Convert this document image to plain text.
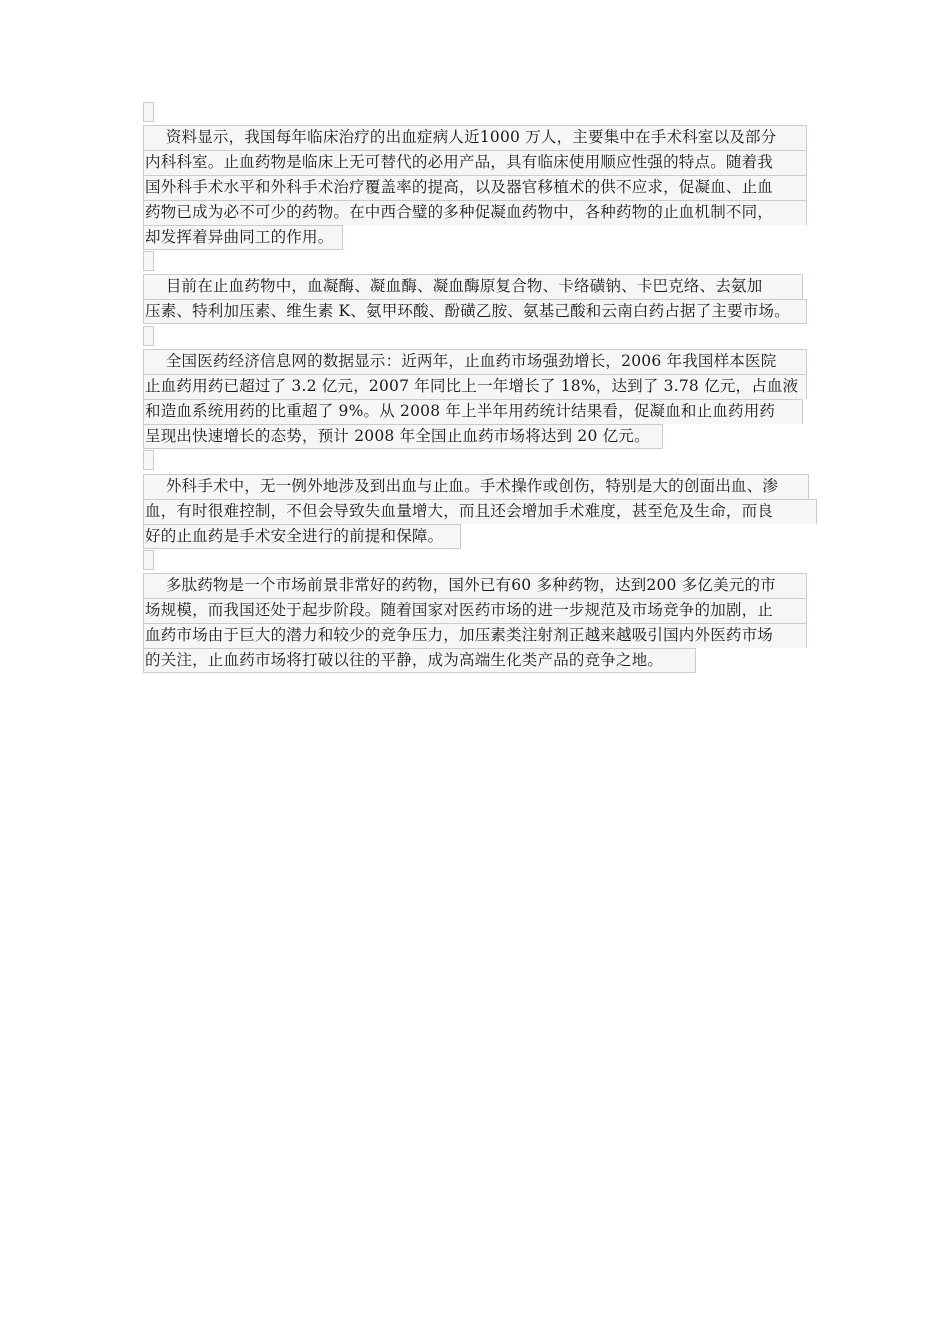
　 资料显示，我国每年临床治疗的出血症病人近1000 万人，主要集中在手术科室以及部分
内科科室。止血药物是临床上无可替代的必用产品，具有临床使用顺应性强的特点。随着我
国外科手术水平和外科手术治疗覆盖率的提高，以及器官移植术的供不应求，促凝血、止血
药物已成为必不可少的药物。在中西合璧的多种促凝血药物中，各种药物的止血机制不同，
却发挥着异曲同工的作用。
　 目前在止血药物中，血凝酶、凝血酶、凝血酶原复合物、卡络磺钠、卡巴克络、去氨加
压素、特利加压素、维生素 K、氨甲环酸、酚磺乙胺、氨基己酸和云南白药占据了主要市场。
　 全国医药经济信息网的数据显示：近两年，止血药市场强劲增长，2006 年我国样本医院
止血药用药已超过了 3.2 亿元，2007 年同比上一年增长了 18%，达到了 3.78 亿元，占血液
和造血系统用药的比重超了 9%。从 2008 年上半年用药统计结果看，促凝血和止血药用药
呈现出快速增长的态势，预计 2008 年全国止血药市场将达到 20 亿元。
　 外科手术中，无一例外地涉及到出血与止血。手术操作或创伤，特别是大的创面出血、渗
血，有时很难控制，不但会导致失血量增大，而且还会增加手术难度，甚至危及生命，而良
好的止血药是手术安全进行的前提和保障。
　 多肽药物是一个市场前景非常好的药物，国外已有60 多种药物，达到200 多亿美元的市
场规模，而我国还处于起步阶段。随着国家对医药市场的进一步规范及市场竞争的加剧，止
血药市场由于巨大的潜力和较少的竞争压力，加压素类注射剂正越来越吸引国内外医药市场
的关注，止血药市场将打破以往的平静，成为高端生化类产品的竞争之地。
